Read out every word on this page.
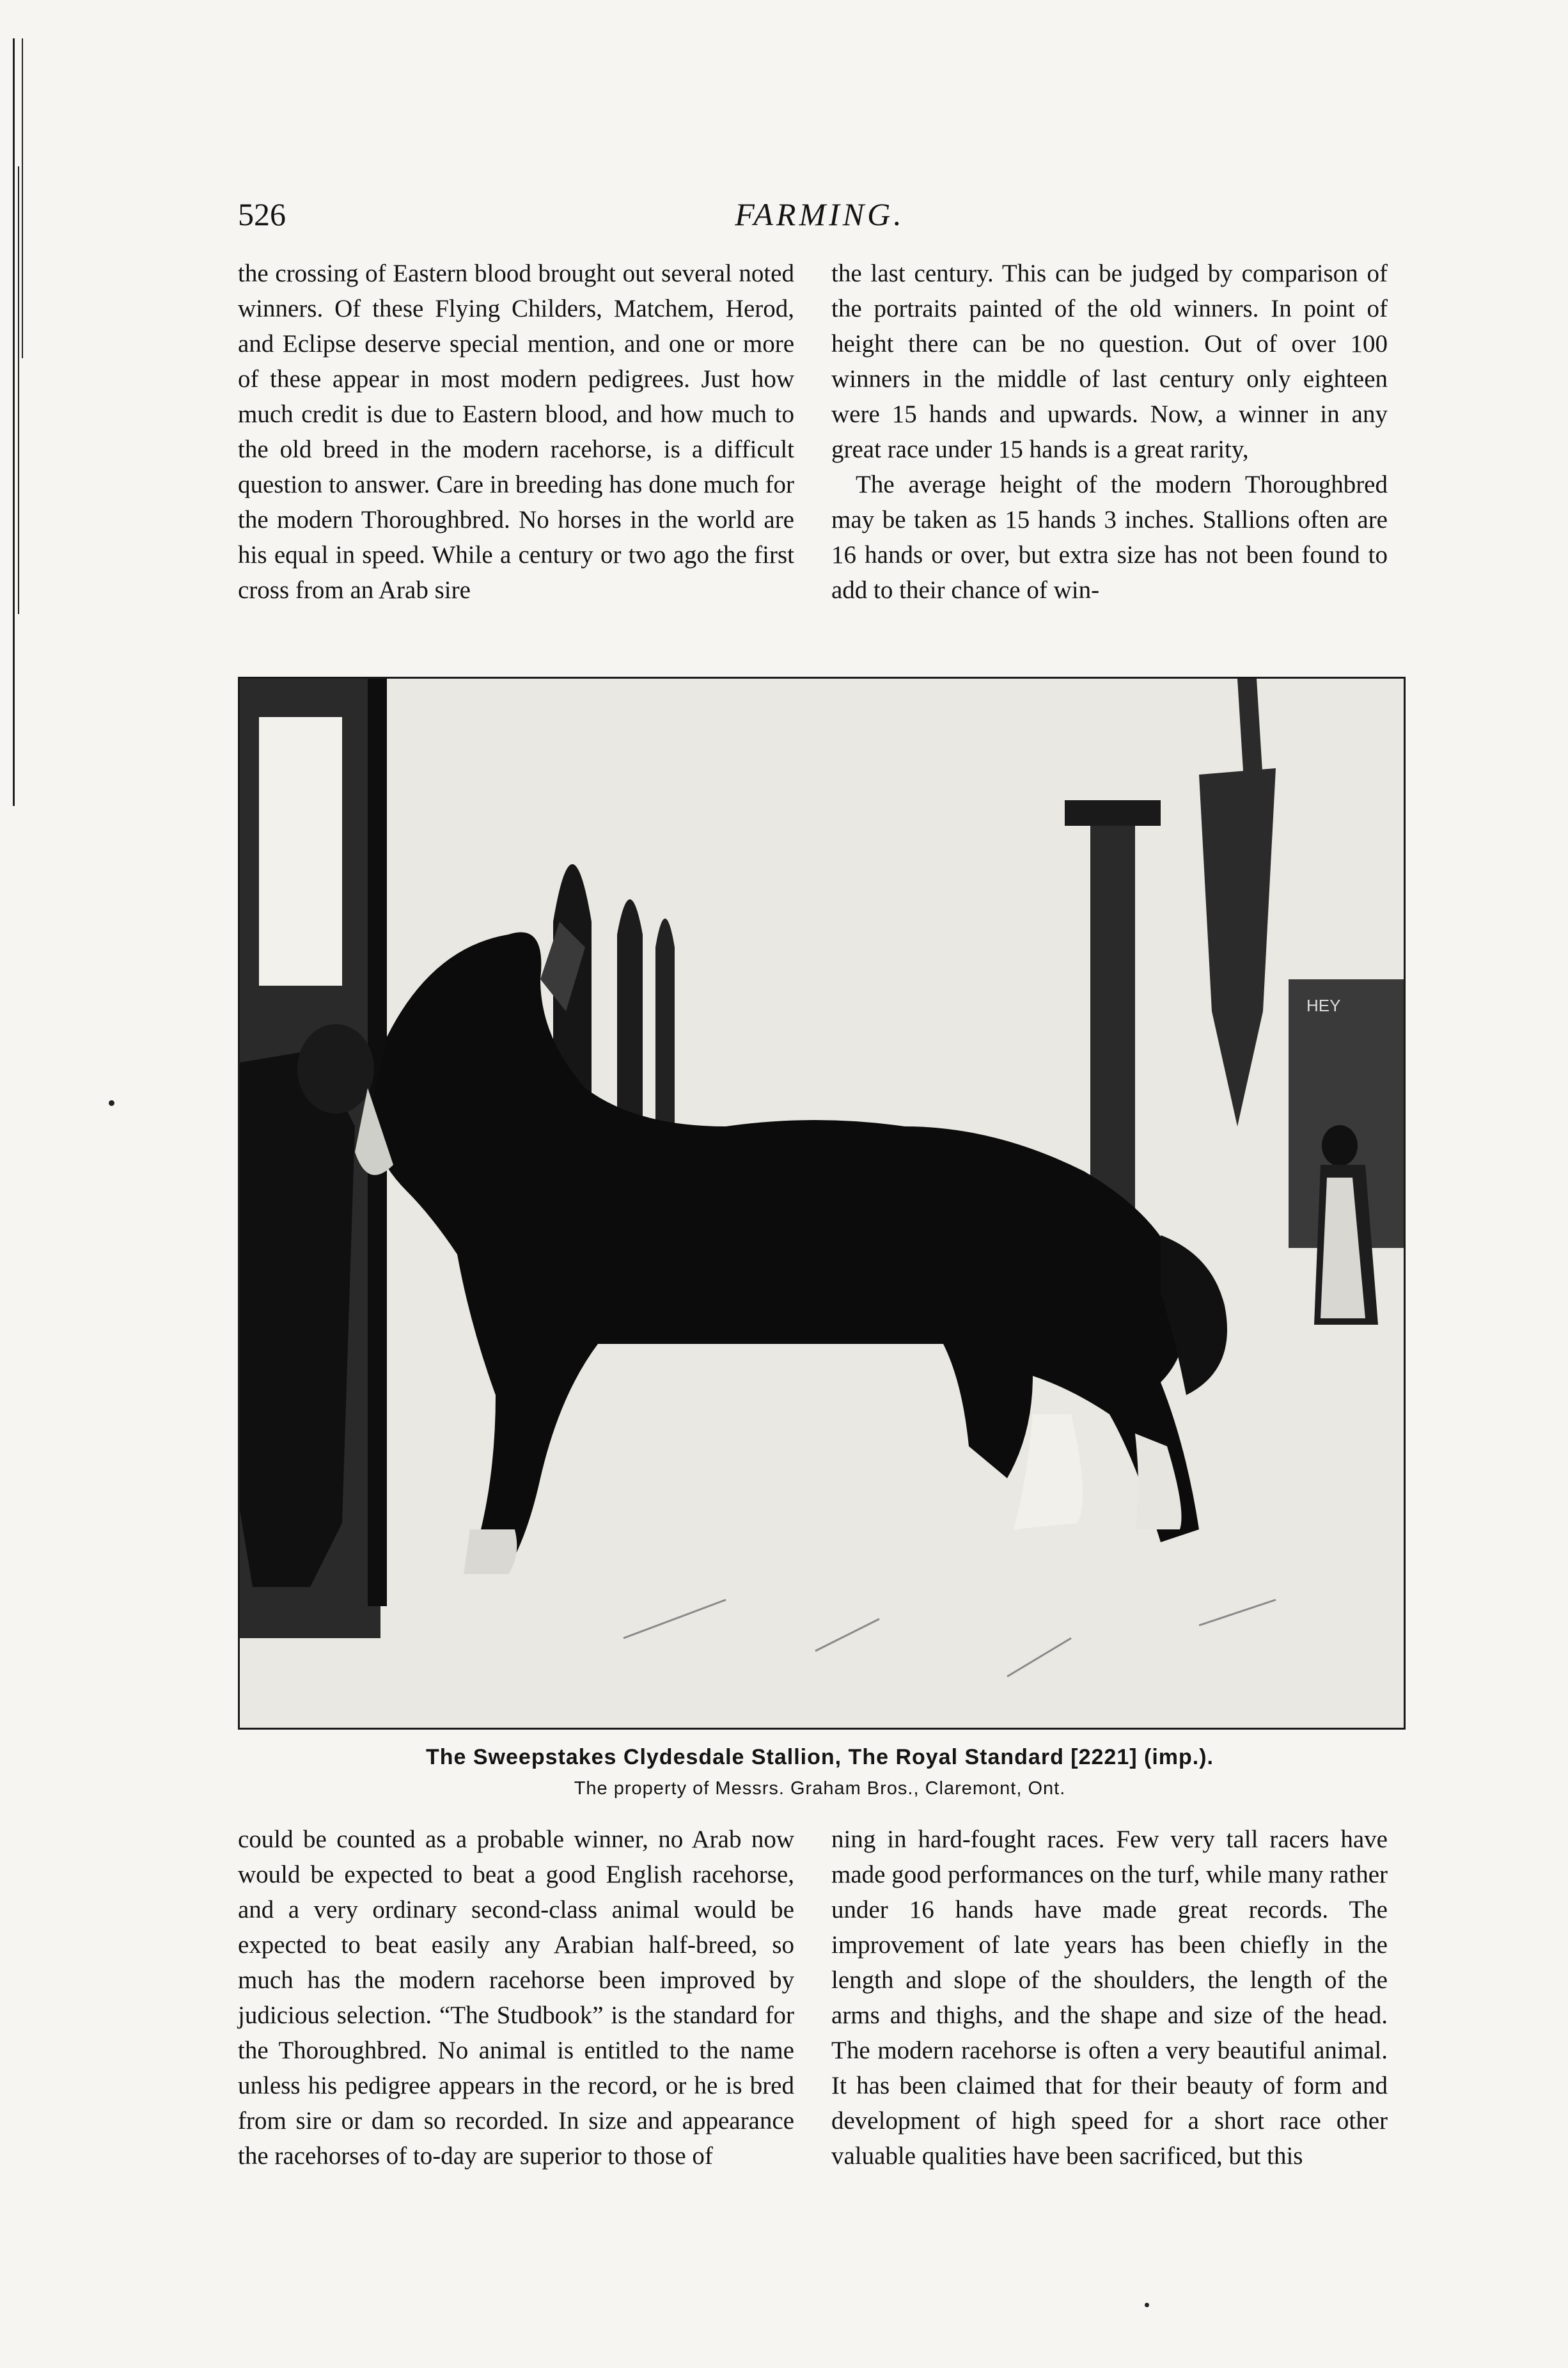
526	FARMING.

the crossing of Eastern blood brought out several noted winners. Of these Flying Childers, Matchem, Herod, and Eclipse deserve special mention, and one or more of these appear in most modern pedigrees. Just how much credit is due to Eastern blood, and how much to the old breed in the modern racehorse, is a difficult question to answer. Care in breeding has done much for the modern Thoroughbred. No horses in the world are his equal in speed. While a century or two ago the first cross from an Arab sire

the last century. This can be judged by comparison of the portraits painted of the old winners. In point of height there can be no question. Out of over 100 winners in the middle of last century only eighteen were 15 hands and upwards. Now, a winner in any great race under 15 hands is a great rarity,

The average height of the modern Thoroughbred may be taken as 15 hands 3 inches. Stallions often are 16 hands or over, but extra size has not been found to add to their chance of win-

HEY
The Sweepstakes Clydesdale Stallion, The Royal Standard [2221] (imp.).
The property of Messrs. Graham Bros., Claremont, Ont.

could be counted as a probable winner, no Arab now would be expected to beat a good English racehorse, and a very ordinary second-class animal would be expected to beat easily any Arabian half-breed, so much has the modern racehorse been improved by judicious selection. “The Studbook” is the standard for the Thoroughbred. No animal is entitled to the name unless his pedigree appears in the record, or he is bred from sire or dam so recorded. In size and appearance the racehorses of to-day are superior to those of

ning in hard-fought races. Few very tall racers have made good performances on the turf, while many rather under 16 hands have made great records. The improvement of late years has been chiefly in the length and slope of the shoulders, the length of the arms and thighs, and the shape and size of the head. The modern racehorse is often a very beautiful animal. It has been claimed that for their beauty of form and development of high speed for a short race other valuable qualities have been sacrificed, but this
